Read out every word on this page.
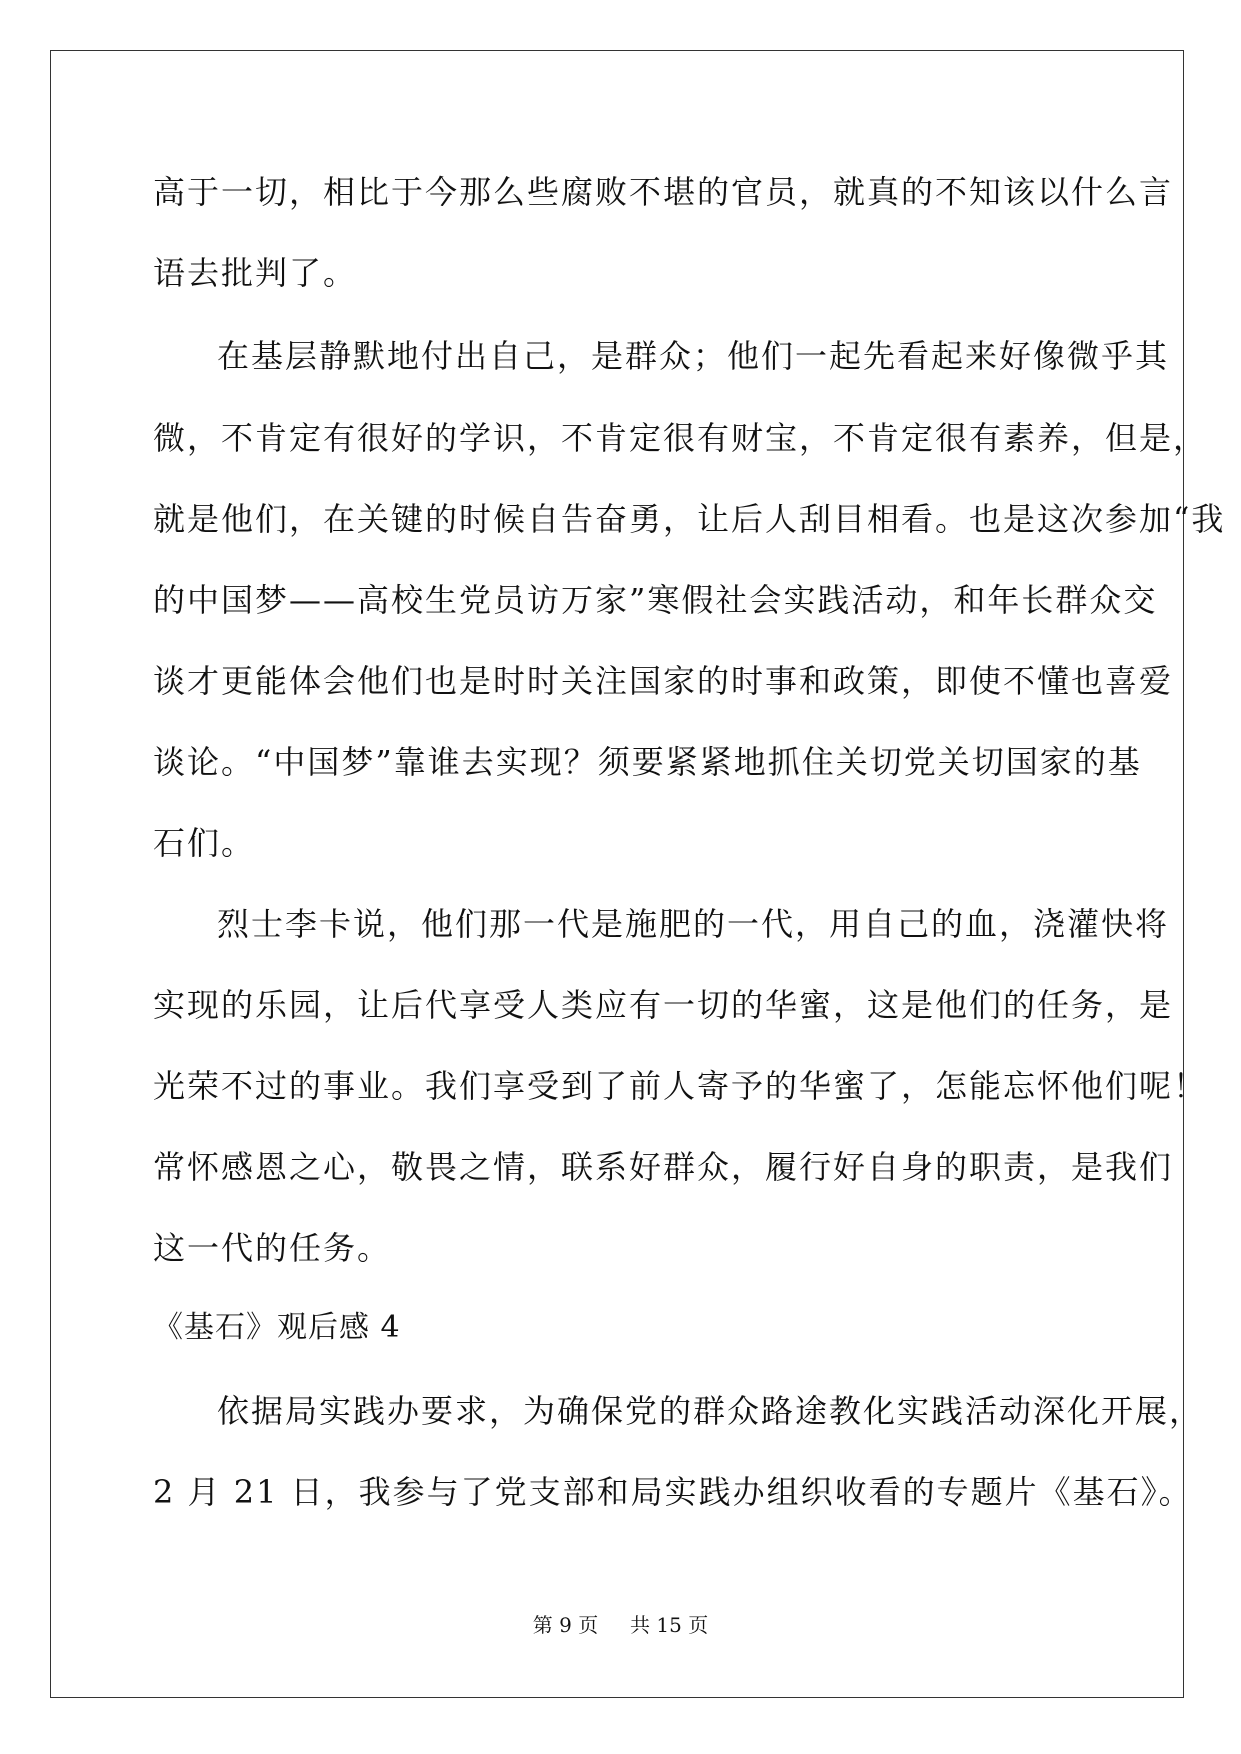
高于一切，相比于今那么些腐败不堪的官员，就真的不知该以什么言
语去批判了。
在基层静默地付出自己，是群众；他们一起先看起来好像微乎其
微，不肯定有很好的学识，不肯定很有财宝，不肯定很有素养，但是，
就是他们，在关键的时候自告奋勇，让后人刮目相看。也是这次参加“我
的中国梦——高校生党员访万家”寒假社会实践活动，和年长群众交
谈才更能体会他们也是时时关注国家的时事和政策，即使不懂也喜爱
谈论。“中国梦”靠谁去实现？须要紧紧地抓住关切党关切国家的基
石们。
烈士李卡说，他们那一代是施肥的一代，用自己的血，浇灌快将
实现的乐园，让后代享受人类应有一切的华蜜，这是他们的任务，是
光荣不过的事业。我们享受到了前人寄予的华蜜了，怎能忘怀他们呢！
常怀感恩之心，敬畏之情，联系好群众，履行好自身的职责，是我们
这一代的任务。
《基石》观后感 4
依据局实践办要求，为确保党的群众路途教化实践活动深化开展，
2 月 21 日，我参与了党支部和局实践办组织收看的专题片《基石》。
第 9 页 共 15 页
